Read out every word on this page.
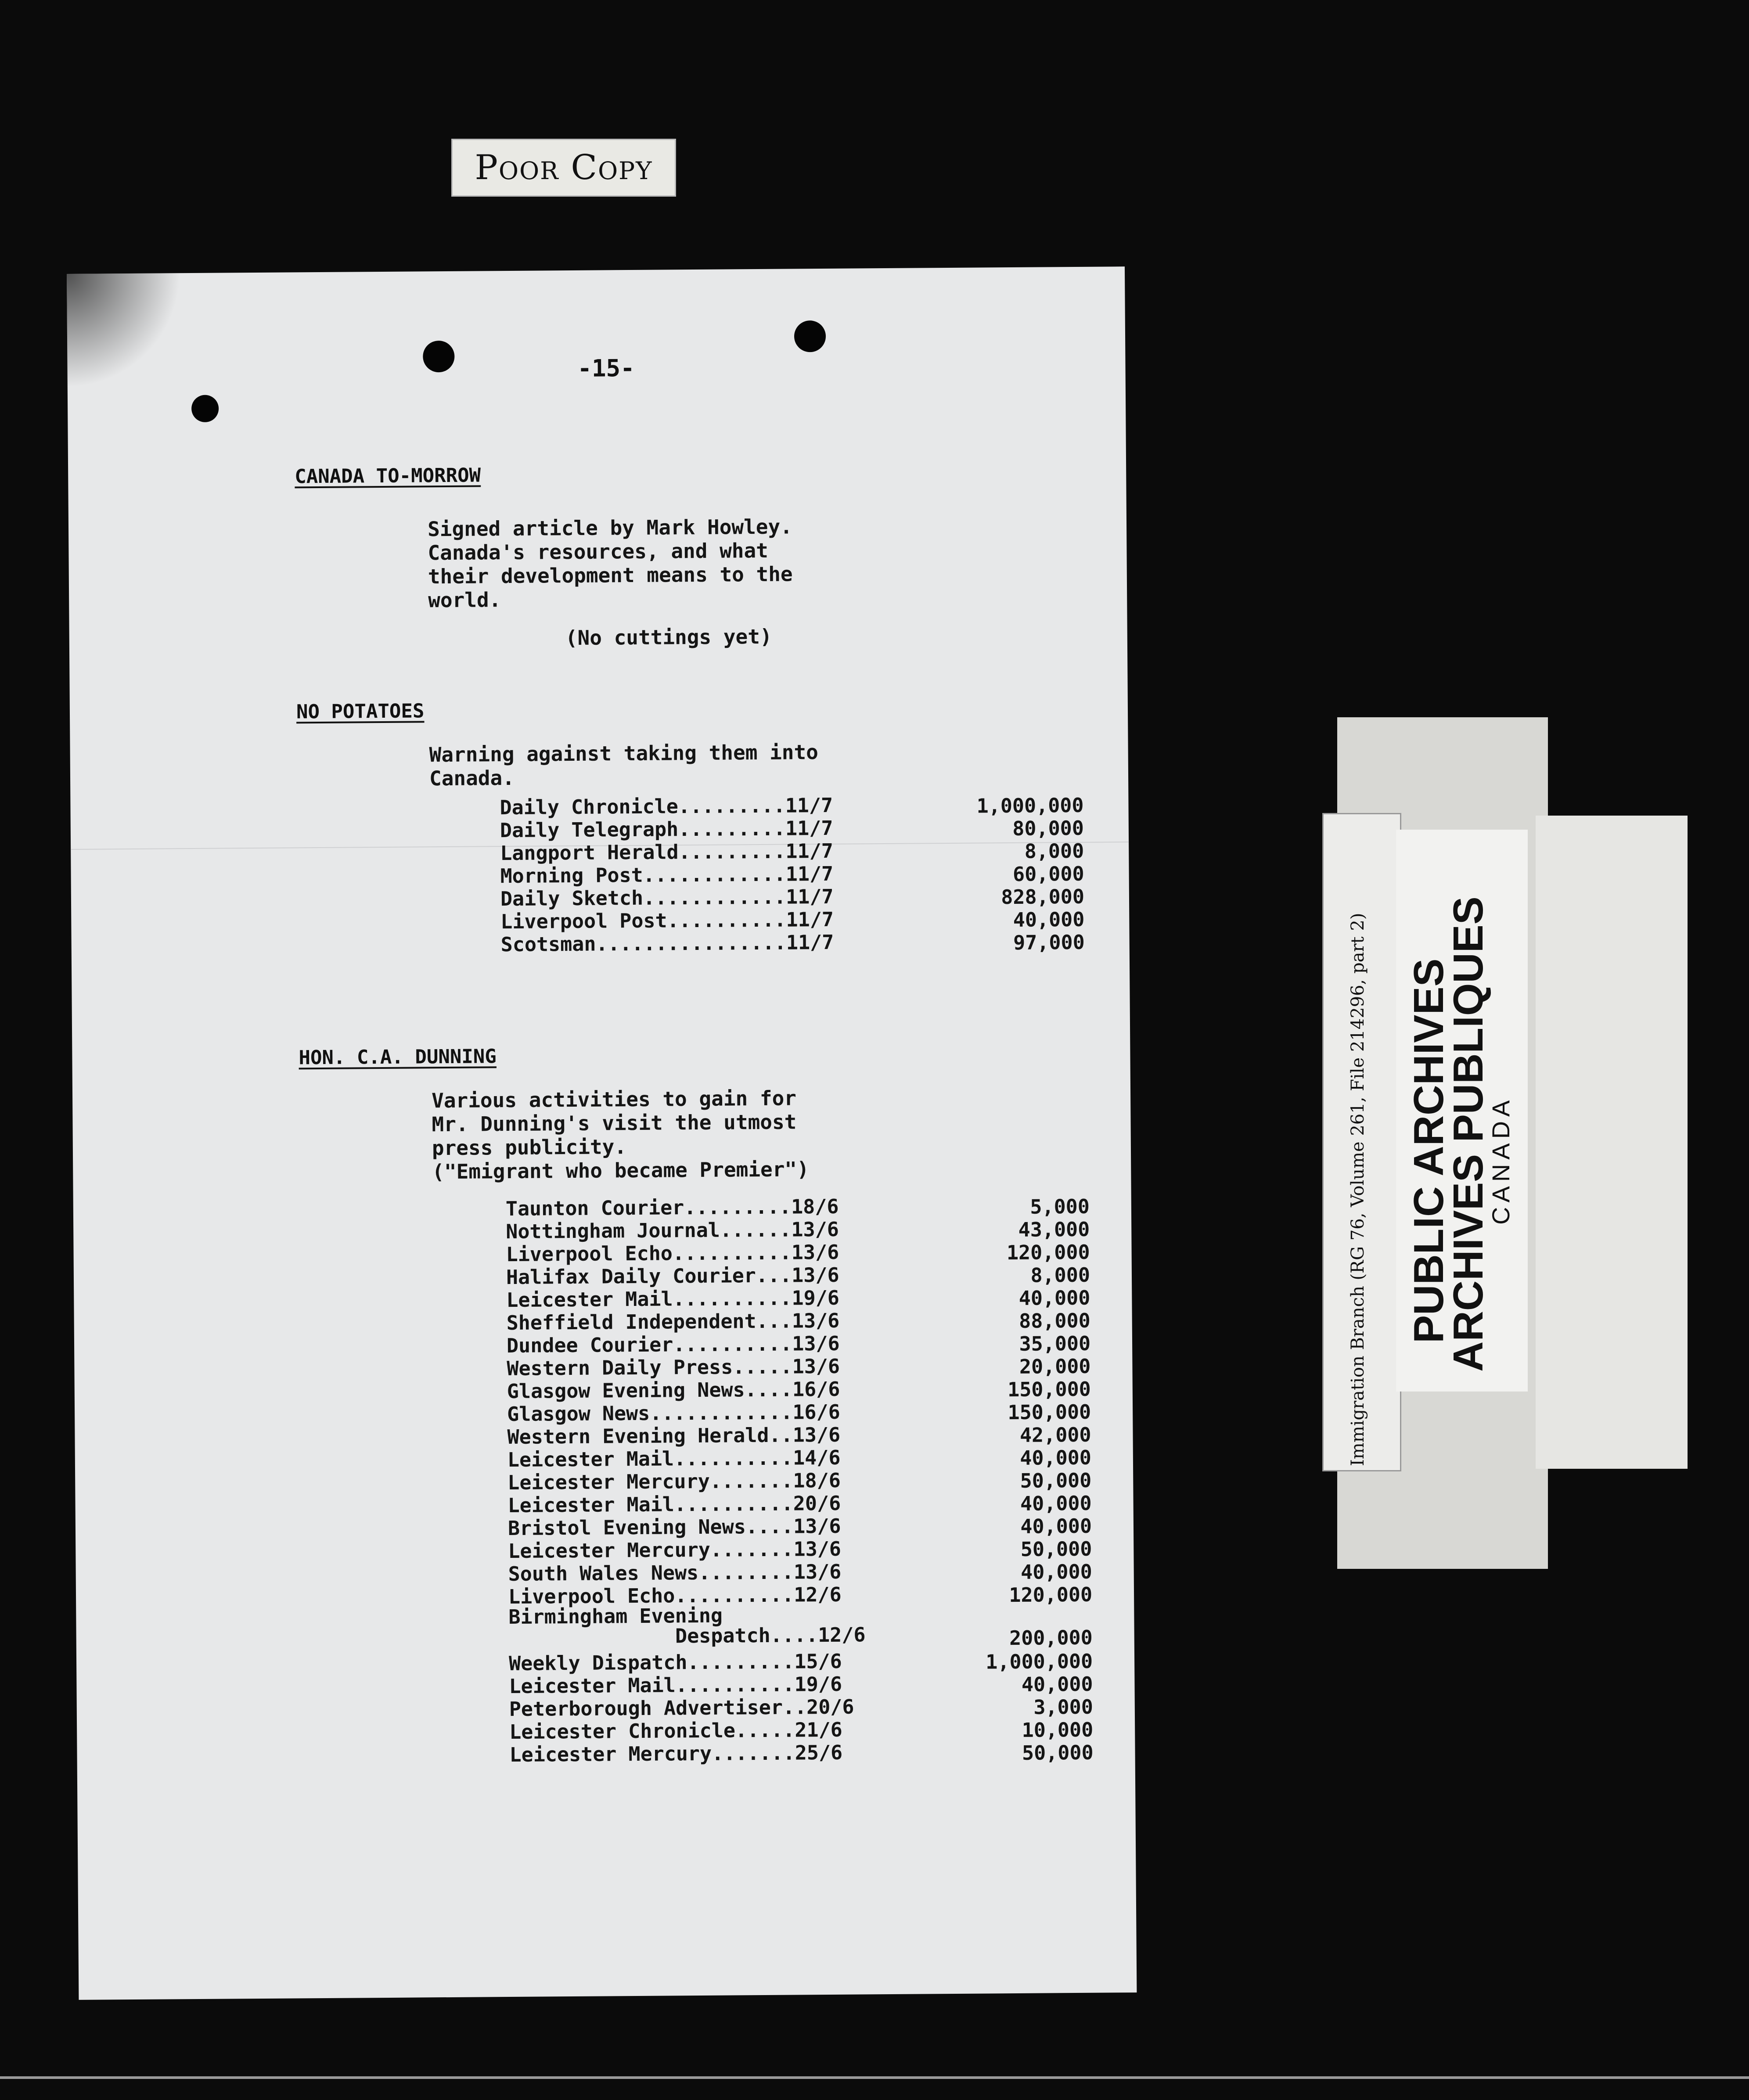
Poor Copy
-15-
CANADA TO-MORROW
Signed article by Mark Howley.
Canada's resources, and what
their development means to the
world.
(No cuttings yet)
NO POTATOES
Warning against taking them into
Canada.
Daily Chronicle.........11/7	1,000,000
Daily Telegraph.........11/7	80,000
Langport Herald.........11/7	8,000
Morning Post............11/7	60,000
Daily Sketch............11/7	828,000
Liverpool Post..........11/7	40,000
Scotsman................11/7	97,000
HON. C.A. DUNNING
Various activities to gain for
Mr. Dunning's visit the utmost
press publicity.
("Emigrant who became Premier")
Taunton Courier.........18/6	5,000
Nottingham Journal......13/6	43,000
Liverpool Echo..........13/6	120,000
Halifax Daily Courier...13/6	8,000
Leicester Mail..........19/6	40,000
Sheffield Independent...13/6	88,000
Dundee Courier..........13/6	35,000
Western Daily Press.....13/6	20,000
Glasgow Evening News....16/6	150,000
Glasgow News............16/6	150,000
Western Evening Herald..13/6	42,000
Leicester Mail..........14/6	40,000
Leicester Mercury.......18/6	50,000
Leicester Mail..........20/6	40,000
Bristol Evening News....13/6	40,000
Leicester Mercury.......13/6	50,000
South Wales News........13/6	40,000
Liverpool Echo..........12/6	120,000
Birmingham Evening
Despatch....12/6	200,000
Weekly Dispatch.........15/6	1,000,000
Leicester Mail..........19/6	40,000
Peterborough Advertiser..20/6	3,000
Leicester Chronicle.....21/6	10,000
Leicester Mercury.......25/6	50,000
Immigration Branch (RG 76, Volume 261, File 214296, part 2) PUBLIC ARCHIVES
ARCHIVES PUBLIQUES
CANADA
